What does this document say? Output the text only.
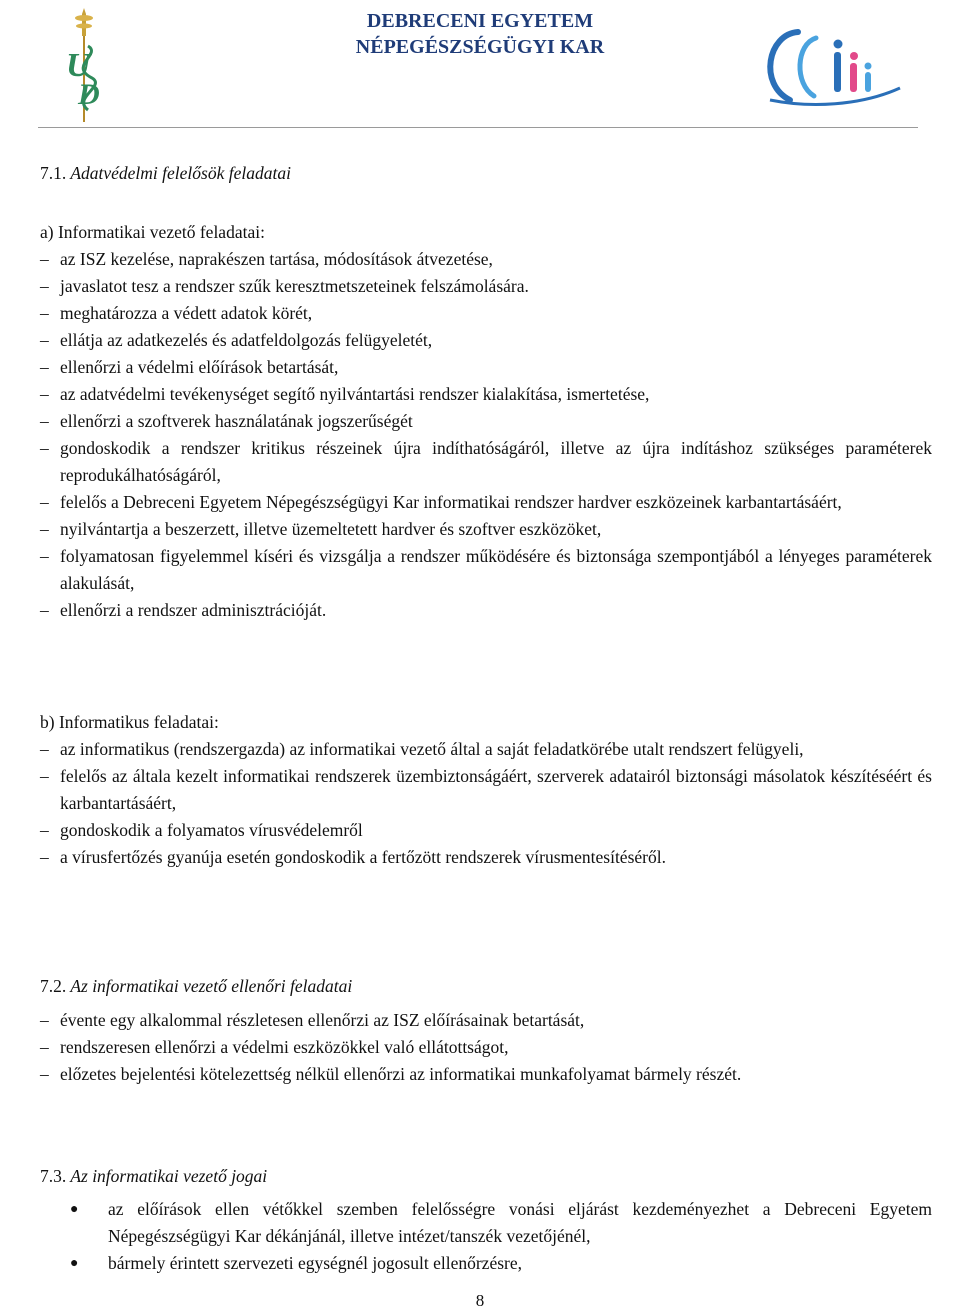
U
D
DEBRECENI EGYETEM
NÉPEGÉSZSÉGÜGYI KAR

7.1. Adatvédelmi felelősök feladatai

a) Informatikai vezető feladatai:
– az ISZ kezelése, naprakészen tartása, módosítások átvezetése,
– javaslatot tesz a rendszer szűk keresztmetszeteinek felszámolására.
– meghatározza a védett adatok körét,
– ellátja az adatkezelés és adatfeldolgozás felügyeletét,
– ellenőrzi a védelmi előírások betartását,
– az adatvédelmi tevékenységet segítő nyilvántartási rendszer kialakítása, ismertetése,
– ellenőrzi a szoftverek használatának jogszerűségét
– gondoskodik a rendszer kritikus részeinek újra indíthatóságáról, illetve az újra indításhoz szükséges paraméterek reprodukálhatóságáról,
– felelős a Debreceni Egyetem Népegészségügyi Kar informatikai rendszer hardver eszközeinek karbantartásáért,
– nyilvántartja a beszerzett, illetve üzemeltetett hardver és szoftver eszközöket,
– folyamatosan figyelemmel kíséri és vizsgálja a rendszer működésére és biztonsága szempontjából a lényeges paraméterek alakulását,
– ellenőrzi a rendszer adminisztrációját.
b) Informatikus feladatai:
– az informatikus (rendszergazda) az informatikai vezető által a saját feladatkörébe utalt rendszert felügyeli,
– felelős az általa kezelt informatikai rendszerek üzembiztonságáért, szerverek adatairól biztonsági másolatok készítéséért és karbantartásáért,
– gondoskodik a folyamatos vírusvédelemről
– a vírusfertőzés gyanúja esetén gondoskodik a fertőzött rendszerek vírusmentesítéséről.

7.2. Az informatikai vezető ellenőri feladatai

– évente egy alkalommal részletesen ellenőrzi az ISZ előírásainak betartását,
– rendszeresen ellenőrzi a védelmi eszközökkel való ellátottságot,
– előzetes bejelentési kötelezettség nélkül ellenőrzi az informatikai munkafolyamat bármely részét.

7.3. Az informatikai vezető jogai

● az előírások ellen vétőkkel szemben felelősségre vonási eljárást kezdeményezhet a Debreceni Egyetem Népegészségügyi Kar dékánjánál, illetve intézet/tanszék vezetőjénél,
● bármely érintett szervezeti egységnél jogosult ellenőrzésre,
8
